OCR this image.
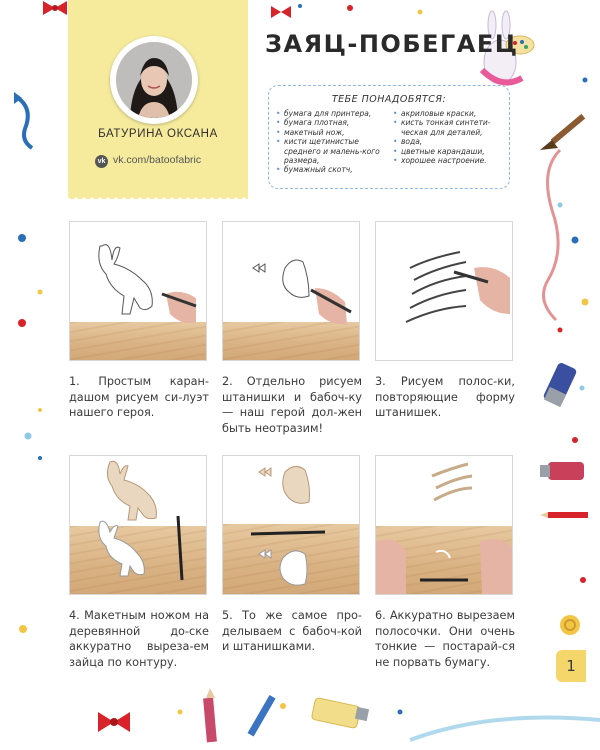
БАТУРИНА ОКСАНА
vk vk.com/batoofabric
ЗАЯЦ-ПОБЕГАЕЦ
ТЕБЕ ПОНАДОБЯТСЯ:
• бумага для принтера,
• бумага плотная,
• макетный нож,
• кисти щетинистые среднего и малень-кого размера,
• бумажный скотч,
• акриловые краски,
• кисть тонкая синтети-ческая для деталей,
• вода,
• цветные карандаши,
• хорошее настроение.
1. Простым каран-дашом рисуем си-луэт нашего героя.
2. Отдельно рисуем штанишки и бабоч-ку — наш герой дол-жен быть неотразим!
3. Рисуем полос-ки, повторяющие форму штанишек.
4. Макетным ножом на деревянной до-ске аккуратно выреза-ем зайца по контуру.
5. То же самое про-делываем с бабоч-кой и штанишками.
6. Аккуратно вырезаем полосочки. Они очень тонкие — постарай-ся не порвать бумагу.	1
